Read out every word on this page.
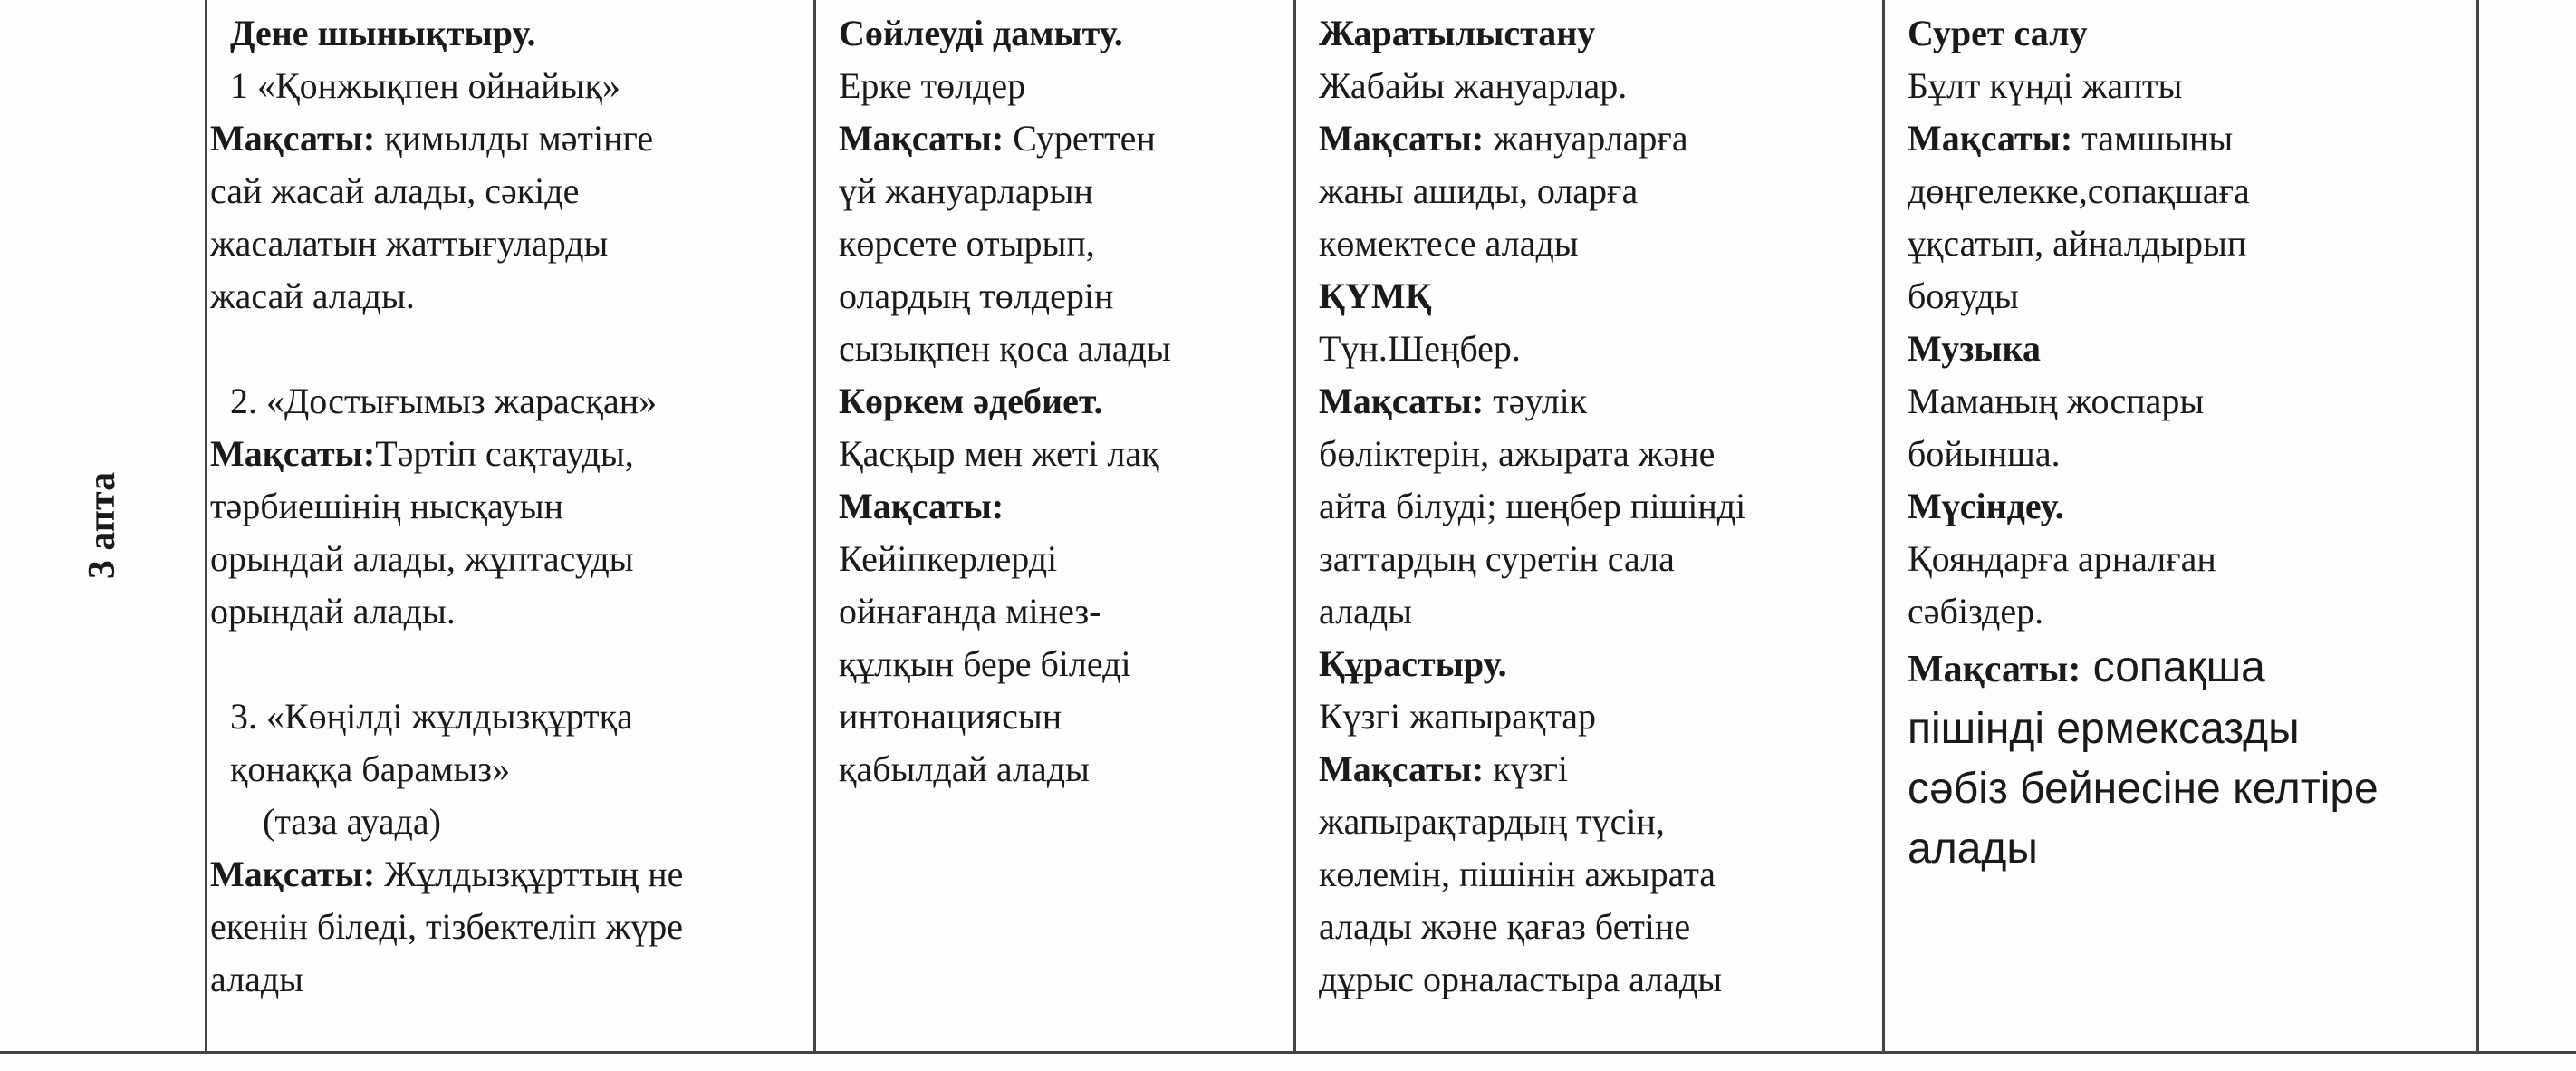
3 апта

Дене шынықтыру.

1 «Қонжықпен ойнайық»

Мақсаты: қимылды мәтінге

сай жасай алады, сәкіде

жасалатын жаттығуларды

жасай алады.

2. «Достығымыз жарасқан»

Мақсаты:Тәртіп сақтауды,

тәрбиешінің нысқауын

орындай алады, жұптасуды

орындай алады.

3. «Көңілді жұлдызқұртқа

қонаққа барамыз»

(таза ауада)

Мақсаты: Жұлдызқұрттың не

екенін біледі, тізбектеліп жүре

алады

Сөйлеуді дамыту.

Ерке төлдер

Мақсаты: Суреттен

үй жануарларын

көрсете отырып,

олардың төлдерін

сызықпен қоса алады

Көркем әдебиет.

Қасқыр мен жеті лақ

Мақсаты:

Кейіпкерлерді

ойнағанда мінез-

құлқын бере біледі

интонациясын

қабылдай алады

Жаратылыстану

Жабайы жануарлар.

Мақсаты: жануарларға

жаны ашиды, оларға

көмектесе алады

ҚҮМҚ

Түн.Шеңбер.

Мақсаты: тәулік

бөліктерін, ажырата және

айта білуді; шеңбер пішінді

заттардың суретін сала

алады

Құрастыру.

Күзгі жапырақтар

Мақсаты: күзгі

жапырақтардың түсін,

көлемін, пішінін ажырата

алады және қағаз бетіне

дұрыс орналастыра алады

Сурет салу

Бұлт күнді жапты

Мақсаты: тамшыны

дөңгелекке,сопақшаға

ұқсатып, айналдырып

бояуды

Музыка

Маманың жоспары

бойынша.

Мүсіндеу.

Қояндарға арналған

сәбіздер.

Мақсаты: сопақша

пішінді ермексазды

сәбіз бейнесіне келтіре

алады
